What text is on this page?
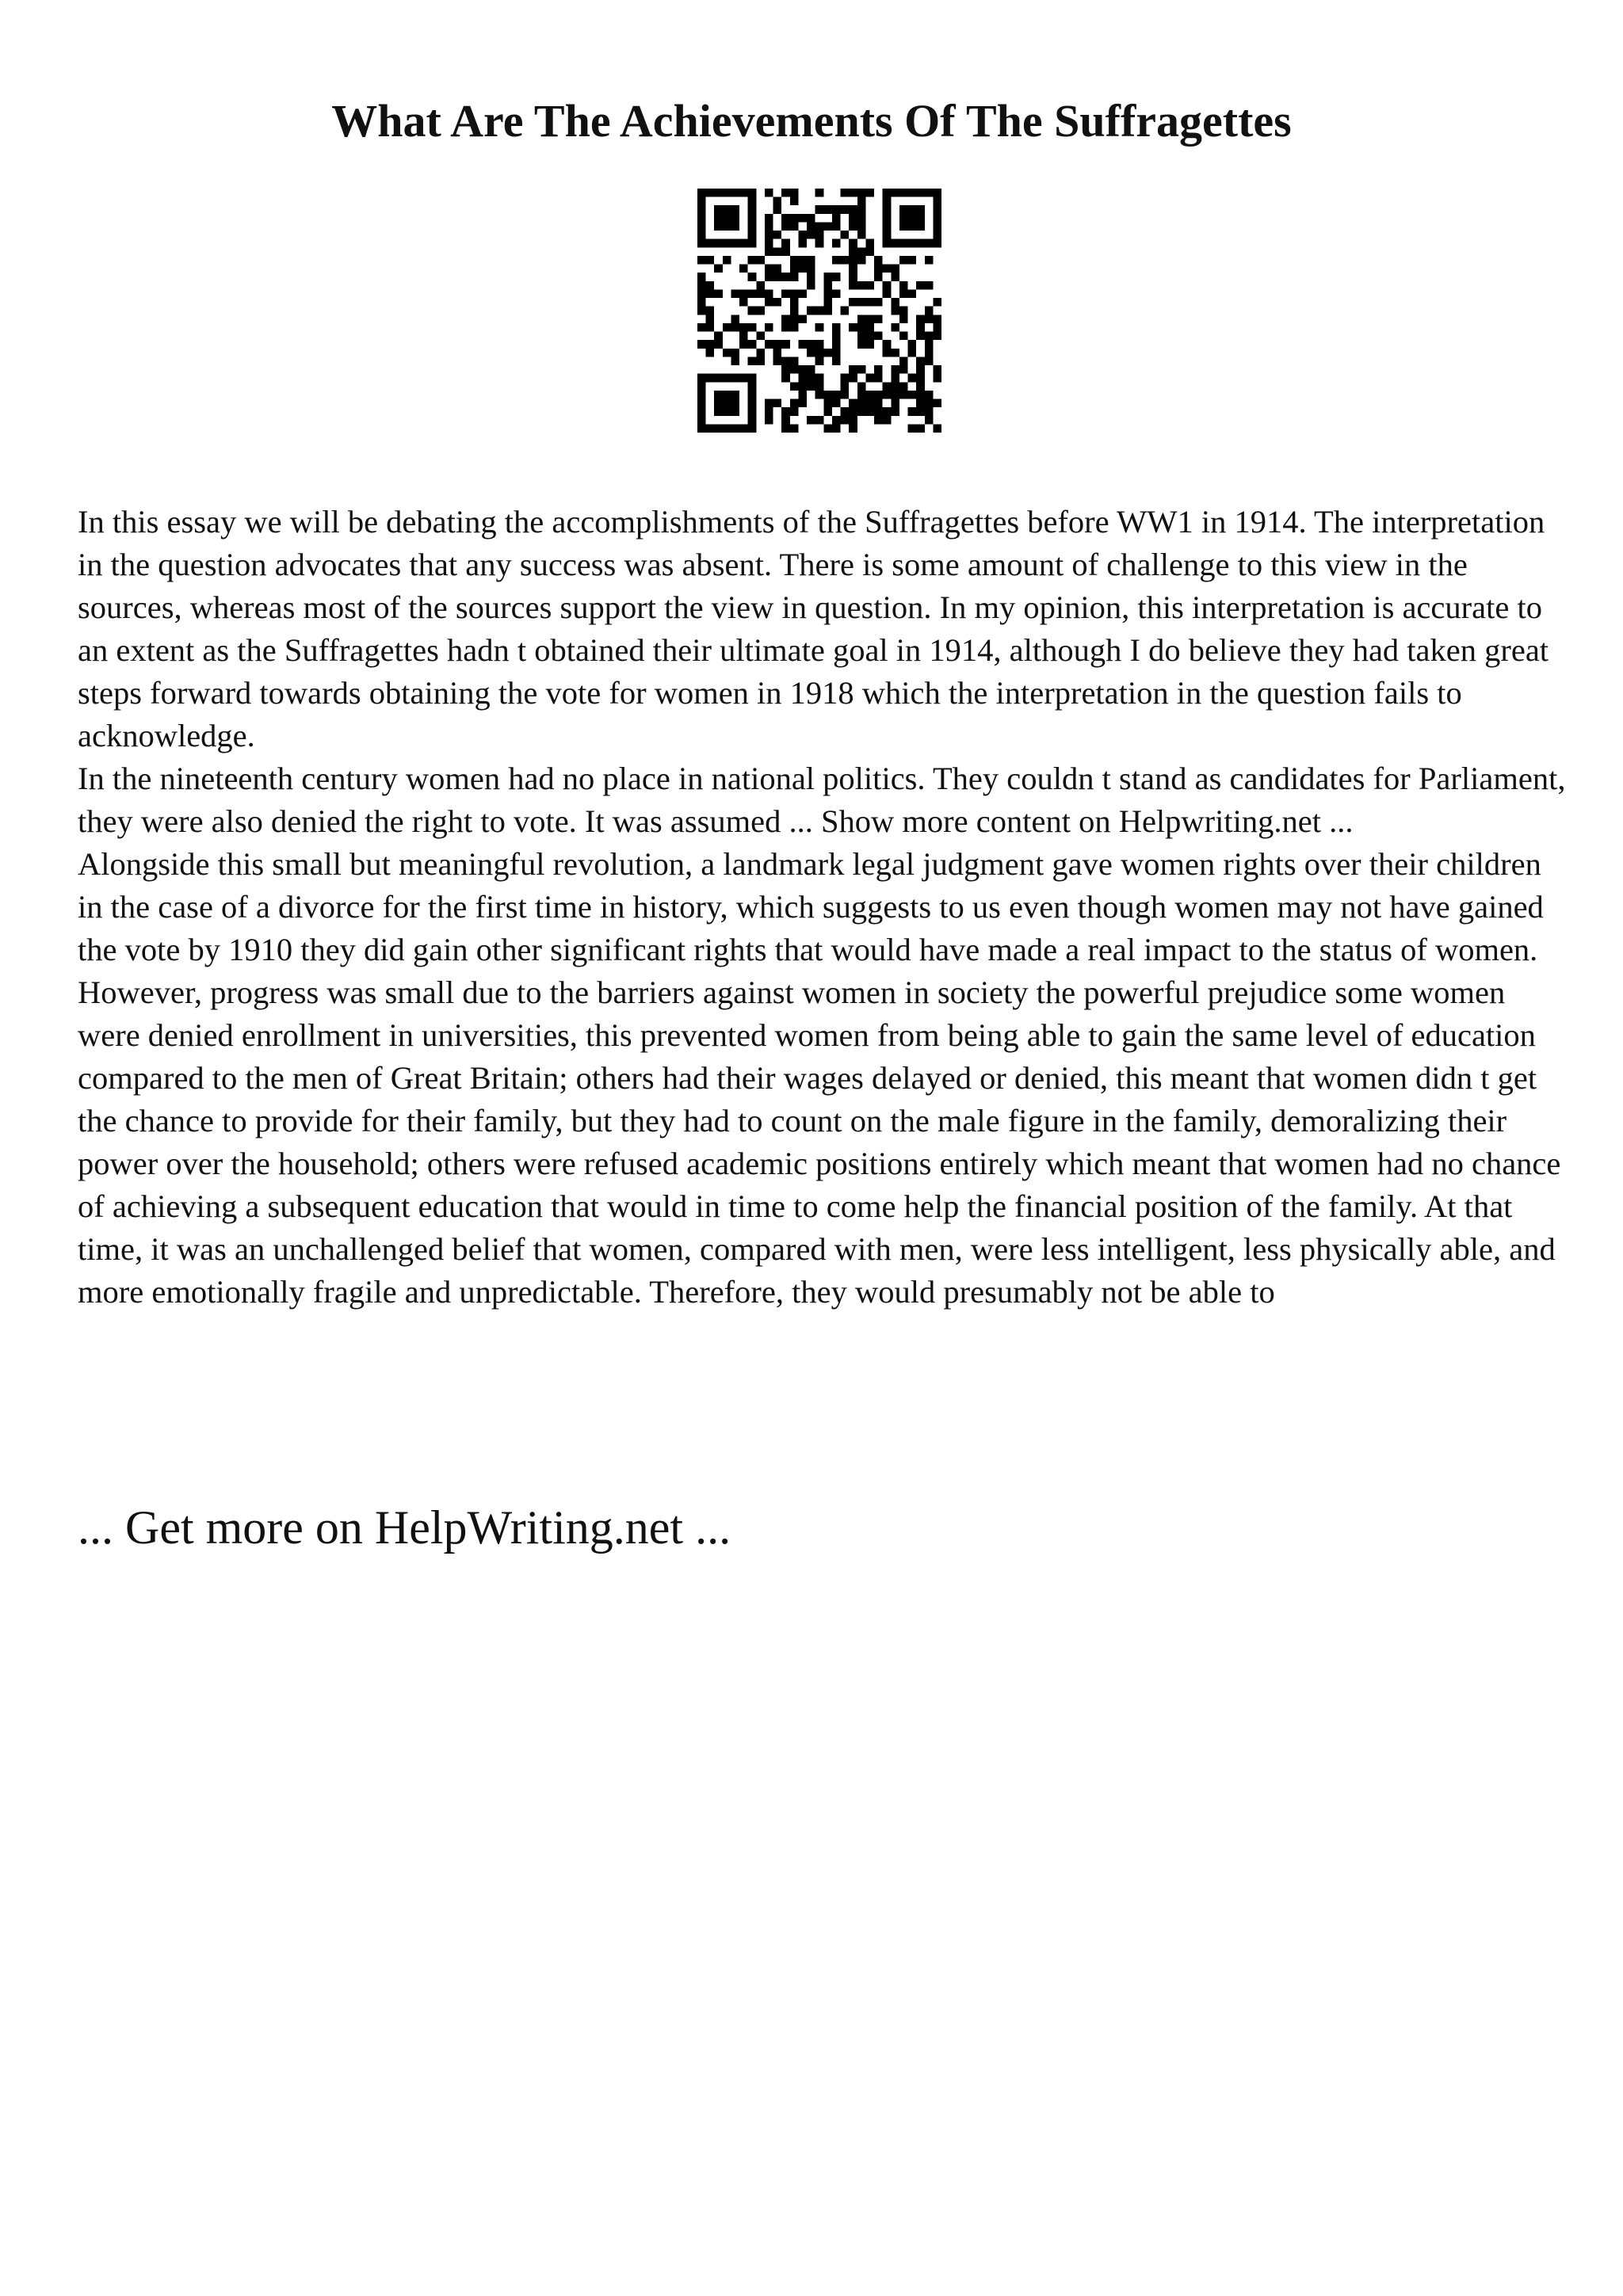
What Are The Achievements Of The Suffragettes

In this essay we will be debating the accomplishments of the Suffragettes before WW1 in 1914. The interpretation in the question advocates that any success was absent. There is some amount of challenge to this view in the sources, whereas most of the sources support the view in question. In my opinion, this interpretation is accurate to an extent as the Suffragettes hadn t obtained their ultimate goal in 1914, although I do believe they had taken great steps forward towards obtaining the vote for women in 1918 which the interpretation in the question fails to acknowledge.

In the nineteenth century women had no place in national politics. They couldn t stand as candidates for Parliament, they were also denied the right to vote. It was assumed ... Show more content on Helpwriting.net ...

Alongside this small but meaningful revolution, a landmark legal judgment gave women rights over their children in the case of a divorce for the first time in history, which suggests to us even though women may not have gained the vote by 1910 they did gain other significant rights that would have made a real impact to the status of women. However, progress was small due to the barriers against women in society the powerful prejudice some women were denied enrollment in universities, this prevented women from being able to gain the same level of education compared to the men of Great Britain; others had their wages delayed or denied, this meant that women didn t get the chance to provide for their family, but they had to count on the male figure in the family, demoralizing their power over the household; others were refused academic positions entirely which meant that women had no chance of achieving a subsequent education that would in time to come help the financial position of the family. At that time, it was an unchallenged belief that women, compared with men, were less intelligent, less physically able, and more emotionally fragile and unpredictable. Therefore, they would presumably not be able to

... Get more on HelpWriting.net ...
